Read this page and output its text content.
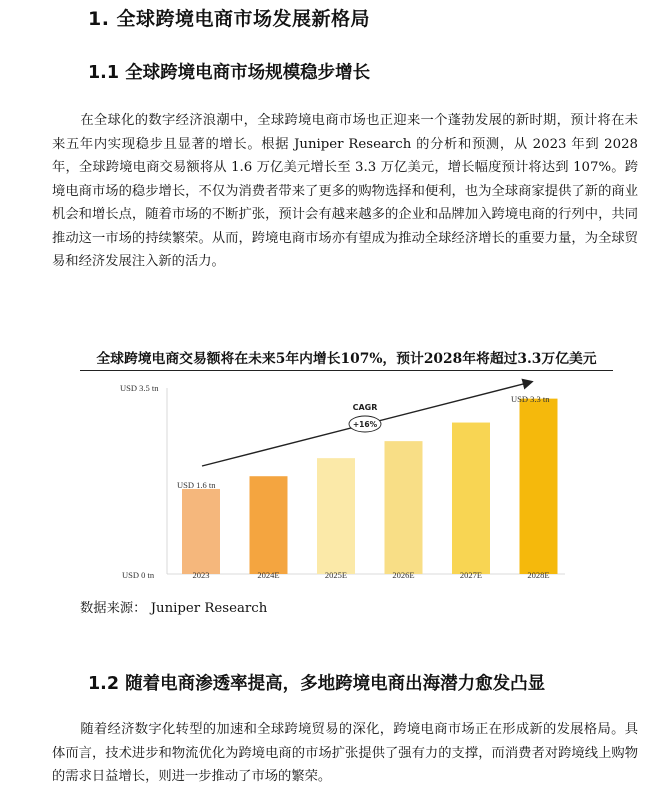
1. 全球跨境电商市场发展新格局
1.1 全球跨境电商市场规模稳步增长

在全球化的数字经济浪潮中，全球跨境电商市场也正迎来一个蓬勃发展的新时期，预计将在未来五年内实现稳步且显著的增长。根据 Juniper Research 的分析和预测，从 2023 年到 2028 年，全球跨境电商交易额将从 1.6 万亿美元增长至 3.3 万亿美元，增长幅度预计将达到 107%。跨境电商市场的稳步增长，不仅为消费者带来了更多的购物选择和便利，也为全球商家提供了新的商业机会和增长点，随着市场的不断扩张，预计会有越来越多的企业和品牌加入跨境电商的行列中，共同推动这一市场的持续繁荣。从而，跨境电商市场亦有望成为推动全球经济增长的重要力量，为全球贸易和经济发展注入新的活力。

全球跨境电商交易额将在未来5年内增长107%，预计2028年将超过3.3万亿美元
USD 3.5 tn
USD 0 tn	2023	2024E	2025E	2026E	2027E	2028E
USD 1.6 tn
USD 3.3 tn
CAGR
+16%
数据来源： Juniper Research
1.2 随着电商渗透率提高，多地跨境电商出海潜力愈发凸显

随着经济数字化转型的加速和全球跨境贸易的深化，跨境电商市场正在形成新的发展格局。具体而言，技术进步和物流优化为跨境电商的市场扩张提供了强有力的支撑，而消费者对跨境线上购物的需求日益增长，则进一步推动了市场的繁荣。
